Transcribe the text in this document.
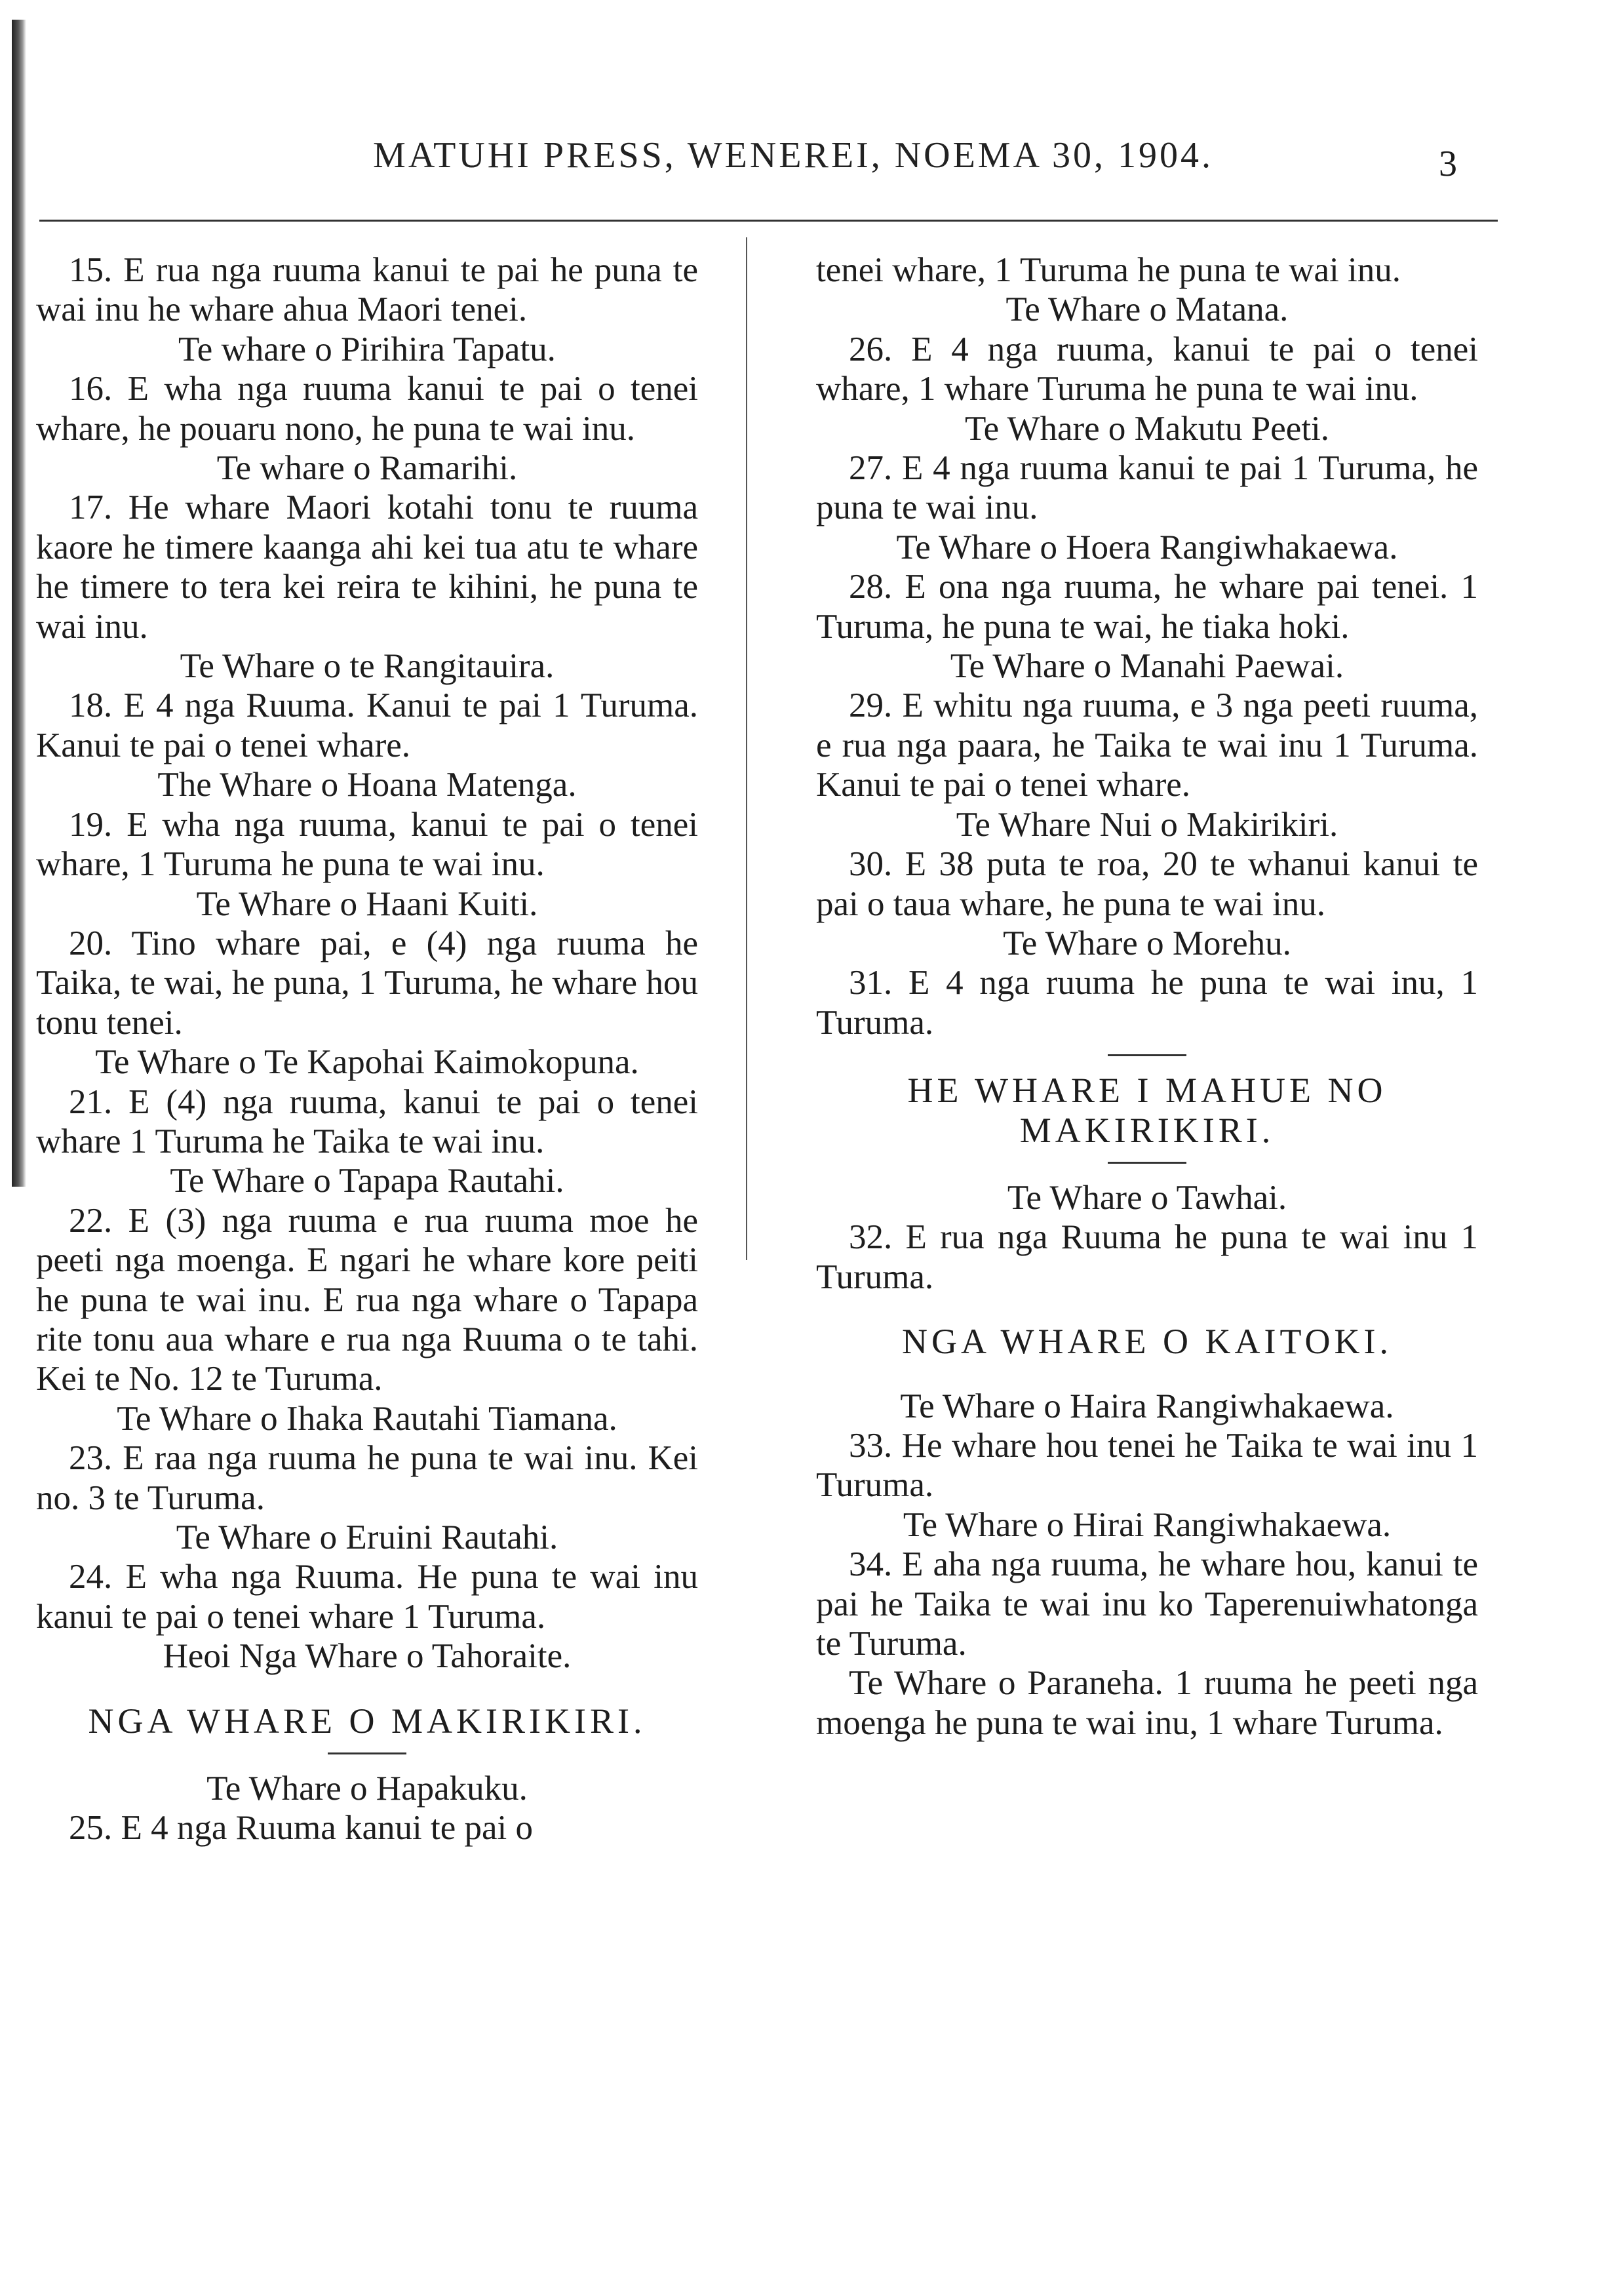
MATUHI PRESS, WENEREI, NOEMA 30, 1904.	3

15. E rua nga ruuma kanui te pai he puna te wai inu he whare ahua Maori tenei.

Te whare o Pirihira Tapatu.

16. E wha nga ruuma kanui te pai o tenei whare, he pouaru nono, he puna te wai inu.

Te whare o Ramarihi.

17. He whare Maori kotahi tonu te ruuma kaore he timere kaanga ahi kei tua atu te whare he timere to tera kei reira te kihini, he puna te wai inu.

Te Whare o te Rangitauira.

18. E 4 nga Ruuma. Kanui te pai 1 Turuma. Kanui te pai o tenei whare.

The Whare o Hoana Matenga.

19. E wha nga ruuma, kanui te pai o tenei whare, 1 Turuma he puna te wai inu.

Te Whare o Haani Kuiti.

20. Tino whare pai, e (4) nga ruuma he Taika, te wai, he puna, 1 Turuma, he whare hou tonu tenei.

Te Whare o Te Kapohai Kaimokopuna.

21. E (4) nga ruuma, kanui te pai o tenei whare 1 Turuma he Taika te wai inu.

Te Whare o Tapapa Rautahi.

22. E (3) nga ruuma e rua ruuma moe he peeti nga moenga. E ngari he whare kore peiti he puna te wai inu. E rua nga whare o Tapapa rite tonu aua whare e rua nga Ruuma o te tahi. Kei te No. 12 te Turuma.

Te Whare o Ihaka Rautahi Tiamana.

23. E raa nga ruuma he puna te wai inu. Kei no. 3 te Turuma.

Te Whare o Eruini Rautahi.

24. E wha nga Ruuma. He puna te wai inu kanui te pai o tenei whare 1 Turuma.

Heoi Nga Whare o Tahoraite.

NGA WHARE O MAKIRIKIRI.

Te Whare o Hapakuku.

25. E 4 nga Ruuma kanui te pai o

tenei whare, 1 Turuma he puna te wai inu.

Te Whare o Matana.

26. E 4 nga ruuma, kanui te pai o tenei whare, 1 whare Turuma he puna te wai inu.

Te Whare o Makutu Peeti.

27. E 4 nga ruuma kanui te pai 1 Turuma, he puna te wai inu.

Te Whare o Hoera Rangiwhakaewa.

28. E ona nga ruuma, he whare pai tenei. 1 Turuma, he puna te wai, he tiaka hoki.

Te Whare o Manahi Paewai.

29. E whitu nga ruuma, e 3 nga peeti ruuma, e rua nga paara, he Taika te wai inu 1 Turuma. Kanui te pai o tenei whare.

Te Whare Nui o Makirikiri.

30. E 38 puta te roa, 20 te whanui kanui te pai o taua whare, he puna te wai inu.

Te Whare o Morehu.

31. E 4 nga ruuma he puna te wai inu, 1 Turuma.

HE WHARE I MAHUE NO MAKIRIKIRI.

Te Whare o Tawhai.

32. E rua nga Ruuma he puna te wai inu 1 Turuma.

NGA WHARE O KAITOKI.

Te Whare o Haira Rangiwhakaewa.

33. He whare hou tenei he Taika te wai inu 1 Turuma.

Te Whare o Hirai Rangiwhakaewa.

34. E aha nga ruuma, he whare hou, kanui te pai he Taika te wai inu ko Taperenuiwhatonga te Turuma.

Te Whare o Paraneha. 1 ruuma he peeti nga moenga he puna te wai inu, 1 whare Turuma.
